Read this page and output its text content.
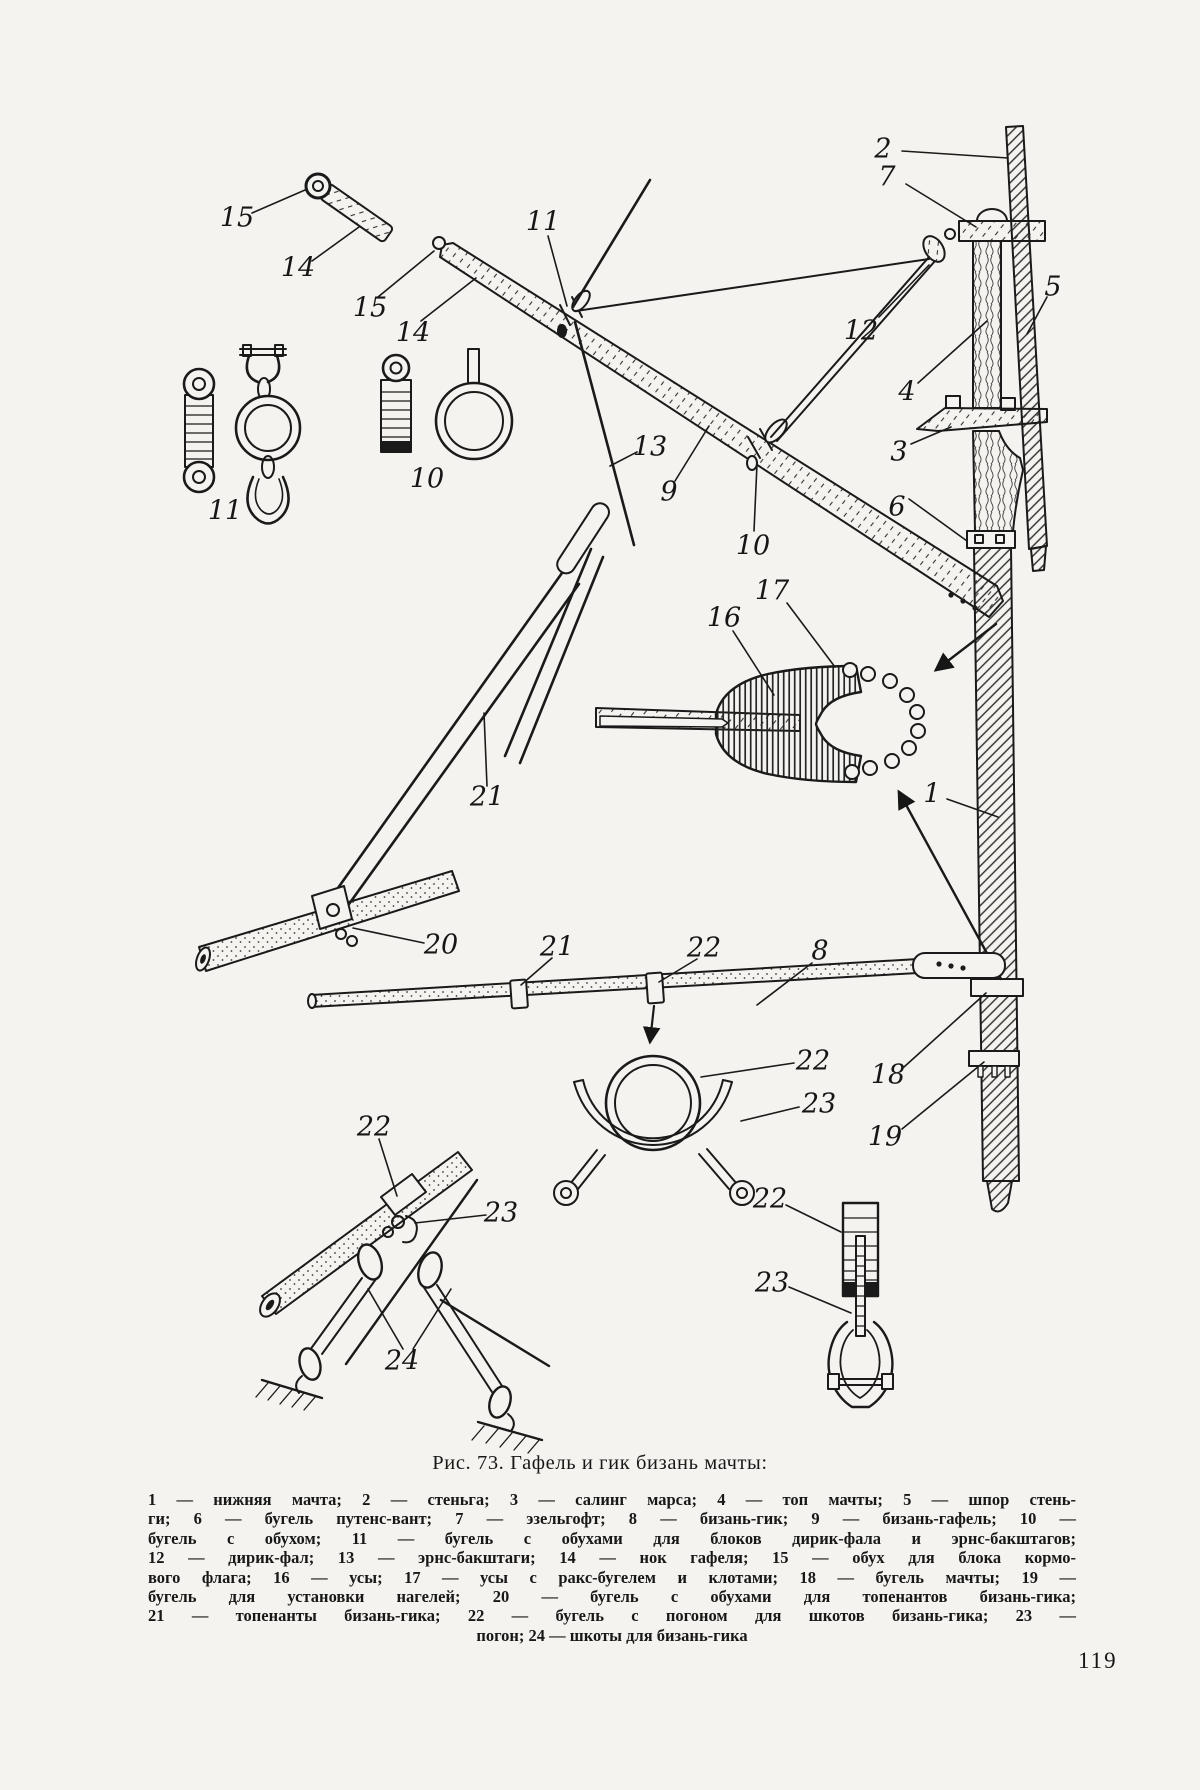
2
7
5
4
3
6
12
11
13
9
10
15
14
15
14
11
10
16
17
1
21
20	21	22	8
18
19
22
23
22
23
24
22
23
Рис. 73. Гафель и гик бизань мачты:
1 — нижняя мачта; 2 — стеньга; 3 — салинг марса; 4 — топ мачты; 5 — шпор стень-
ги; 6 — бугель путенс-вант; 7 — эзельгофт; 8 — бизань-гик; 9 — бизань-гафель; 10 —
бугель с обухом; 11 — бугель с обухами для блоков дирик-фала и эрнс-бакштагов;
12 — дирик-фал; 13 — эрнс-бакштаги; 14 — нок гафеля; 15 — обух для блока кормо-
вого флага; 16 — усы; 17 — усы с ракс-бугелем и клотами; 18 — бугель мачты; 19 —
бугель для установки нагелей; 20 — бугель с обухами для топенантов бизань-гика;
21 — топенанты бизань-гика; 22 — бугель с погоном для шкотов бизань-гика; 23 —
погон; 24 — шкоты для бизань-гика
119
